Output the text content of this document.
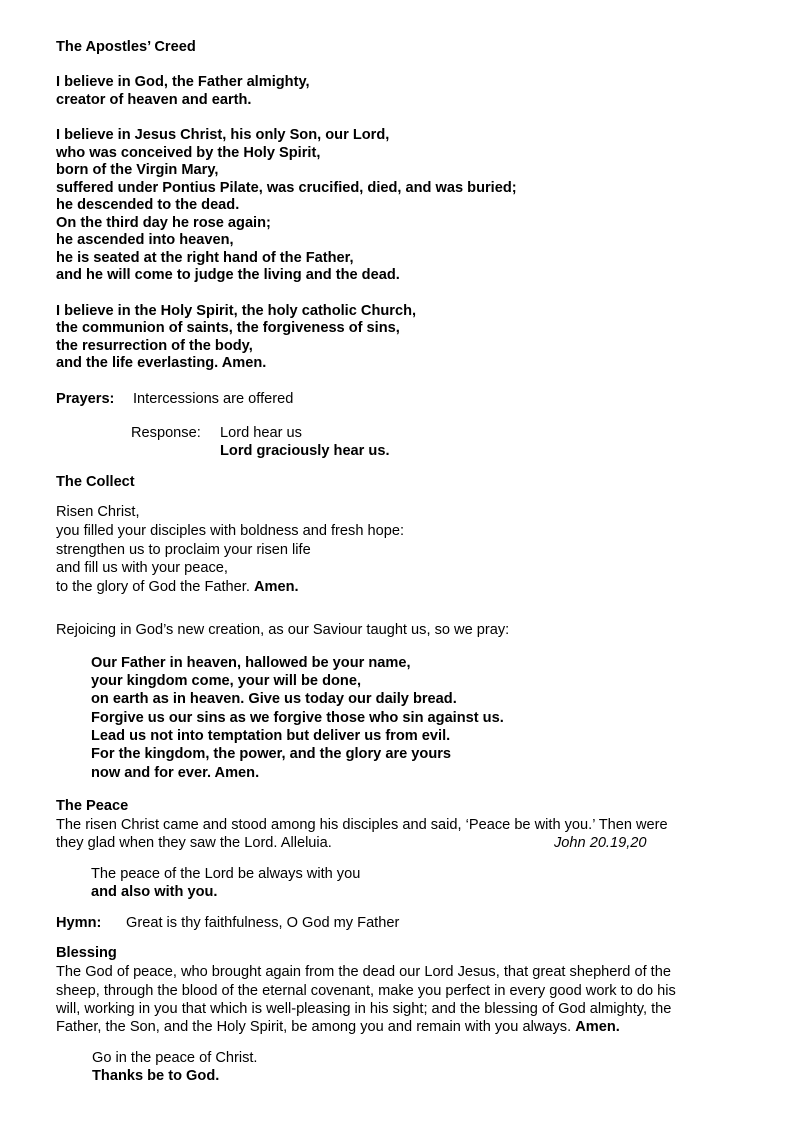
The Apostles’ Creed
I believe in God, the Father almighty,
creator of heaven and earth.
I believe in Jesus Christ, his only Son, our Lord,
who was conceived by the Holy Spirit,
born of the Virgin Mary,
suffered under Pontius Pilate, was crucified, died, and was buried;
he descended to the dead.
On the third day he rose again;
he ascended into heaven,
he is seated at the right hand of the Father,
and he will come to judge the living and the dead.
I believe in the Holy Spirit, the holy catholic Church,
the communion of saints, the forgiveness of sins,
the resurrection of the body,
and the life everlasting. Amen.
Prayers: Intercessions are offered
Response: Lord hear us
Lord graciously hear us.
The Collect
Risen Christ,
you filled your disciples with boldness and fresh hope:
strengthen us to proclaim your risen life
and fill us with your peace,
to the glory of God the Father. Amen.
Rejoicing in God’s new creation, as our Saviour taught us, so we pray:
Our Father in heaven, hallowed be your name,
your kingdom come, your will be done,
on earth as in heaven. Give us today our daily bread.
Forgive us our sins as we forgive those who sin against us.
Lead us not into temptation but deliver us from evil.
For the kingdom, the power, and the glory are yours
now and for ever. Amen.
The Peace
The risen Christ came and stood among his disciples and said, ‘Peace be with you.’ Then were
they glad when they saw the Lord. Alleluia.	John 20.19,20
The peace of the Lord be always with you
and also with you.
Hymn: Great is thy faithfulness, O God my Father
Blessing
The God of peace, who brought again from the dead our Lord Jesus, that great shepherd of the
sheep, through the blood of the eternal covenant, make you perfect in every good work to do his
will, working in you that which is well-pleasing in his sight; and the blessing of God almighty, the
Father, the Son, and the Holy Spirit, be among you and remain with you always. Amen.
Go in the peace of Christ.
Thanks be to God.
